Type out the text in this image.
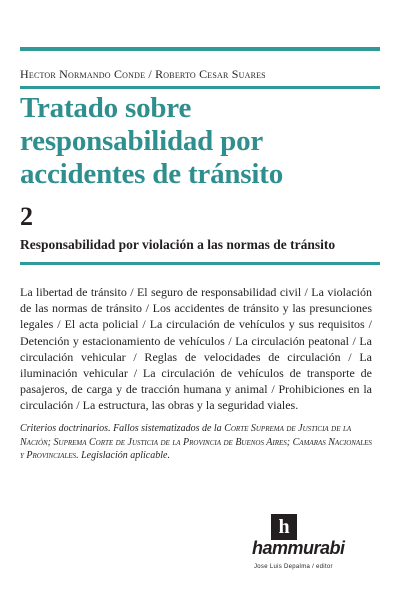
Hector Normando Conde / Roberto Cesar Suares
Tratado sobre
responsabilidad por
accidentes de tránsito
2
Responsabilidad por violación a las normas de tránsito

La libertad de tránsito / El seguro de responsabilidad civil / La violación de las normas de tránsito / Los accidentes de tránsito y las presunciones legales / El acta policial / La circulación de vehículos y sus requisitos / Detención y estacionamiento de vehículos / La circulación peatonal / La circulación vehicular / Reglas de velocidades de circulación / La iluminación vehicular / La circulación de vehículos de transporte de pasajeros, de carga y de tracción humana y animal / Prohibiciones en la circulación / La estructura, las obras y la seguridad viales.

Criterios doctrinarios. Fallos sistematizados de la Corte Suprema de Justicia de la Nación; Suprema Corte de Justicia de la Provincia de Buenos Aires; Camaras Nacionales y Provinciales. Legislación aplicable.

h
hammurabi
Jose Luis Depalma / editor
